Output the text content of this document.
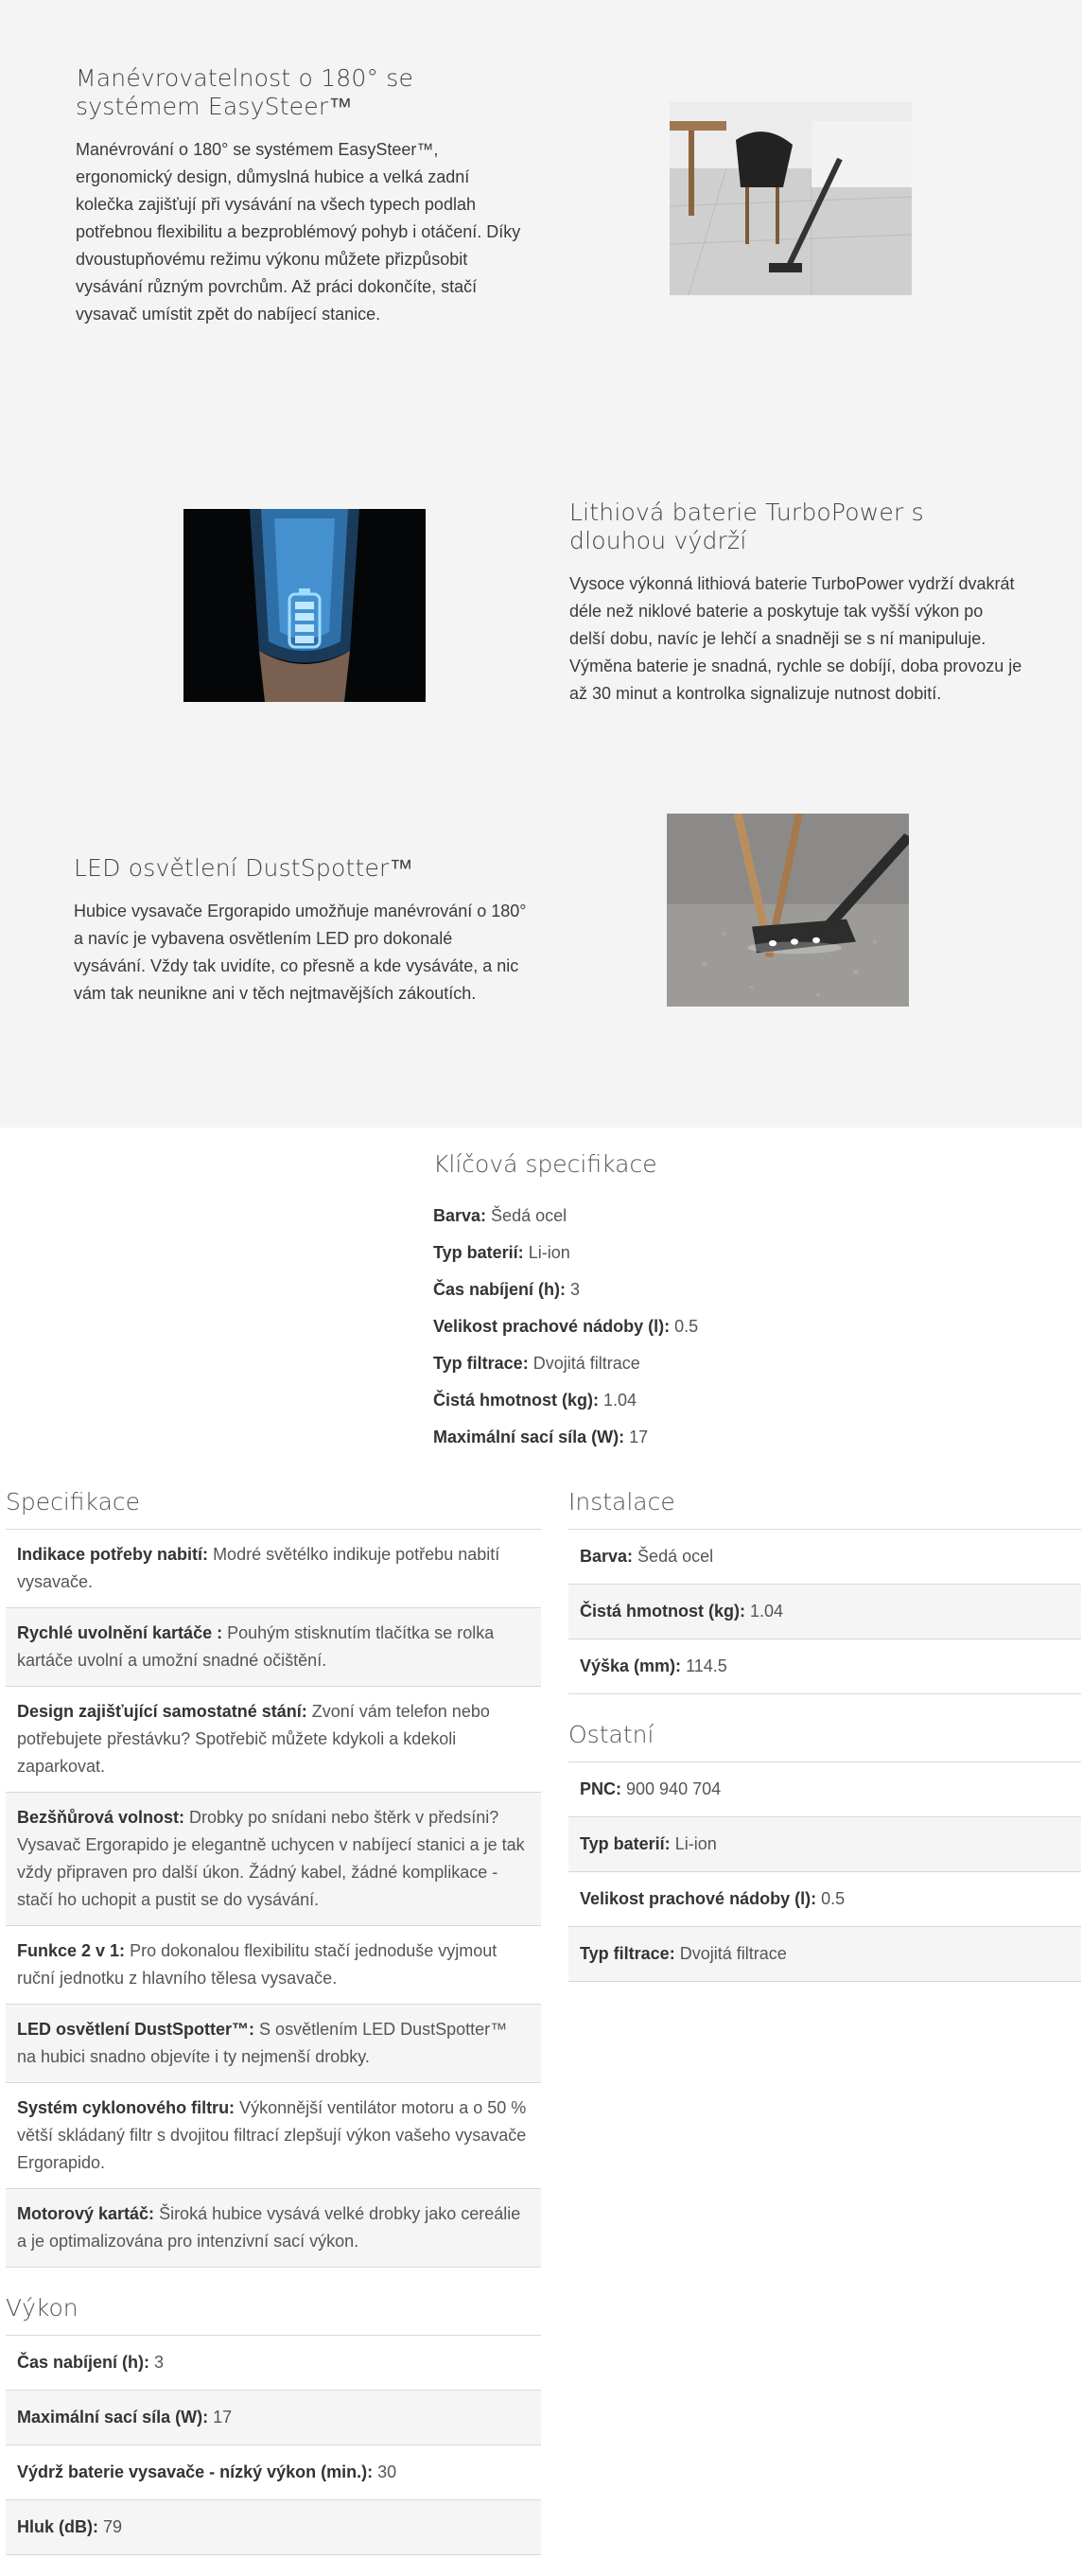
Manévrovatelnost o 180° se systémem EasySteer™

Manévrování o 180° se systémem EasySteer™, ergonomický design, důmyslná hubice a velká zadní kolečka zajišťují při vysávání na všech typech podlah potřebnou flexibilitu a bezproblémový pohyb i otáčení. Díky dvoustupňovému režimu výkonu můžete přizpůsobit vysávání různým povrchům. Až práci dokončíte, stačí vysavač umístit zpět do nabíjecí stanice.

Lithiová baterie TurboPower s dlouhou výdrží

Vysoce výkonná lithiová baterie TurboPower vydrží dvakrát déle než niklové baterie a poskytuje tak vyšší výkon po delší dobu, navíc je lehčí a snadněji se s ní manipuluje. Výměna baterie je snadná, rychle se dobíjí, doba provozu je až 30 minut a kontrolka signalizuje nutnost dobití.

LED osvětlení DustSpotter™

Hubice vysavače Ergorapido umožňuje manévrování o 180° a navíc je vybavena osvětlením LED pro dokonalé vysávání. Vždy tak uvidíte, co přesně a kde vysáváte, a nic vám tak neunikne ani v těch nejtmavějších zákoutích.

Klíčová specifikace
Barva: Šedá ocel
Typ baterií: Li-ion
Čas nabíjení (h): 3
Velikost prachové nádoby (l): 0.5
Typ filtrace: Dvojitá filtrace
Čistá hmotnost (kg): 1.04
Maximální sací síla (W): 17
Specifikace
Indikace potřeby nabití: Modré světélko indikuje potřebu nabití vysavače.
Rychlé uvolnění kartáče : Pouhým stisknutím tlačítka se rolka kartáče uvolní a umožní snadné očištění.
Design zajišťující samostatné stání: Zvoní vám telefon nebo potřebujete přestávku? Spotřebič můžete kdykoli a kdekoli zaparkovat.
Bezšňůrová volnost: Drobky po snídani nebo štěrk v předsíni? Vysavač Ergorapido je elegantně uchycen v nabíjecí stanici a je tak vždy připraven pro další úkon. Žádný kabel, žádné komplikace - stačí ho uchopit a pustit se do vysávání.
Funkce 2 v 1: Pro dokonalou flexibilitu stačí jednoduše vyjmout ruční jednotku z hlavního tělesa vysavače.
LED osvětlení DustSpotter™: S osvětlením LED DustSpotter™ na hubici snadno objevíte i ty nejmenší drobky.
Systém cyklonového filtru: Výkonnější ventilátor motoru a o 50 % větší skládaný filtr s dvojitou filtrací zlepšují výkon vašeho vysavače Ergorapido.
Motorový kartáč: Široká hubice vysává velké drobky jako cereálie a je optimalizována pro intenzivní sací výkon.
Výkon
Čas nabíjení (h): 3
Maximální sací síla (W): 17
Výdrž baterie vysavače - nízký výkon (min.): 30
Hluk (dB): 79
Instalace
Barva: Šedá ocel
Čistá hmotnost (kg): 1.04
Výška (mm): 114.5
Ostatní
PNC: 900 940 704
Typ baterií: Li-ion
Velikost prachové nádoby (l): 0.5
Typ filtrace: Dvojitá filtrace
